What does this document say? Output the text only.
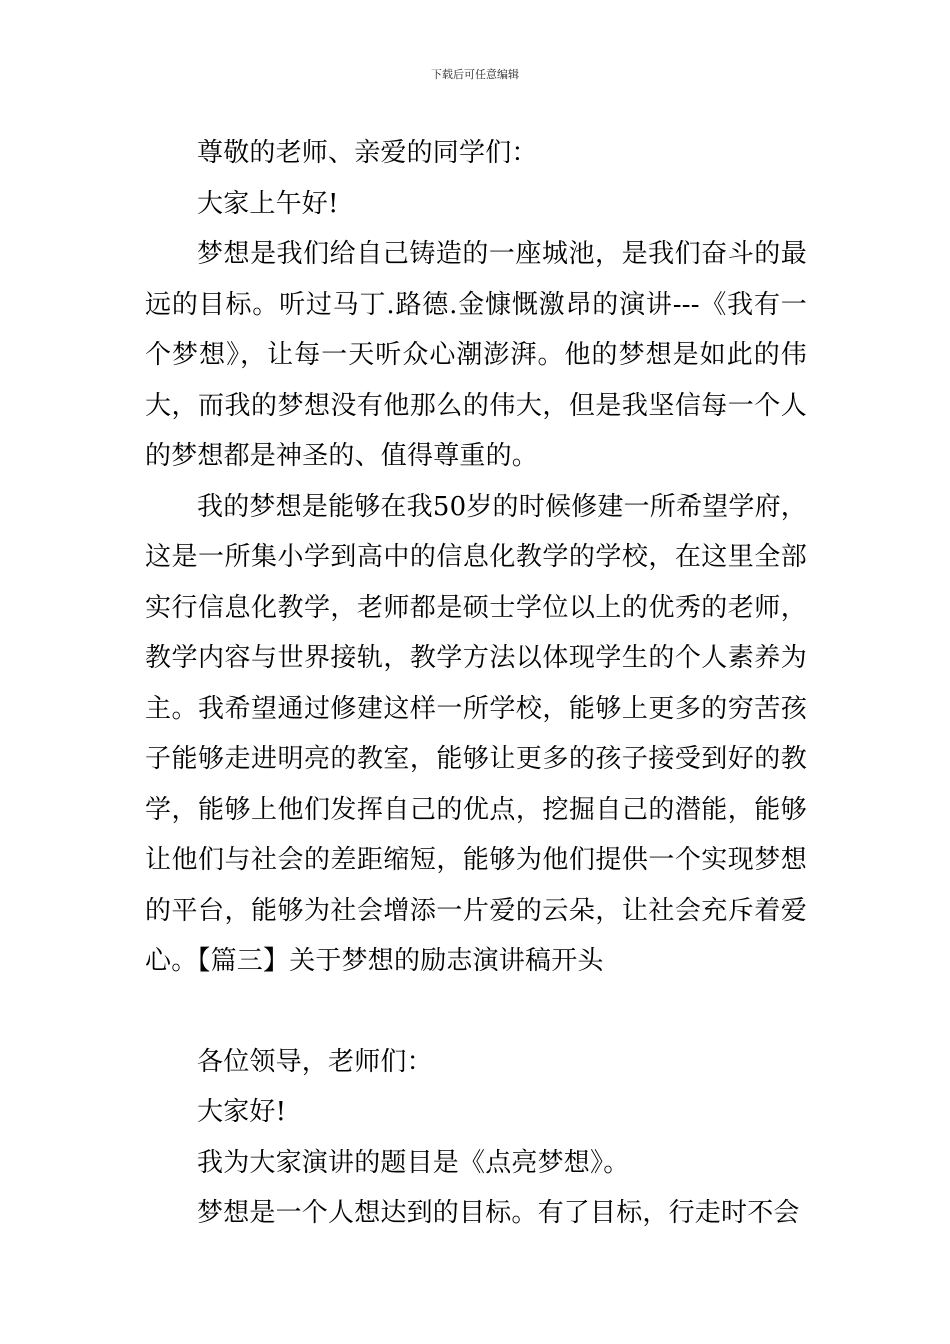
下载后可任意编辑

尊敬的老师、亲爱的同学们：

大家上午好!

梦想是我们给自己铸造的一座城池，是我们奋斗的最远的目标。听过马丁.路德.金慷慨激昂的演讲---《我有一个梦想》，让每一天听众心潮澎湃。他的梦想是如此的伟大，而我的梦想没有他那么的伟大，但是我坚信每一个人的梦想都是神圣的、值得尊重的。

我的梦想是能够在我50岁的时候修建一所希望学府，这是一所集小学到高中的信息化教学的学校，在这里全部实行信息化教学，老师都是硕士学位以上的优秀的老师，教学内容与世界接轨，教学方法以体现学生的个人素养为主。我希望通过修建这样一所学校，能够上更多的穷苦孩子能够走进明亮的教室，能够让更多的孩子接受到好的教学，能够上他们发挥自己的优点，挖掘自己的潜能，能够让他们与社会的差距缩短，能够为他们提供一个实现梦想的平台，能够为社会增添一片爱的云朵，让社会充斥着爱心。【篇三】关于梦想的励志演讲稿开头

各位领导，老师们：

大家好!

我为大家演讲的题目是《点亮梦想》。

梦想是一个人想达到的目标。有了目标，行走时不会
